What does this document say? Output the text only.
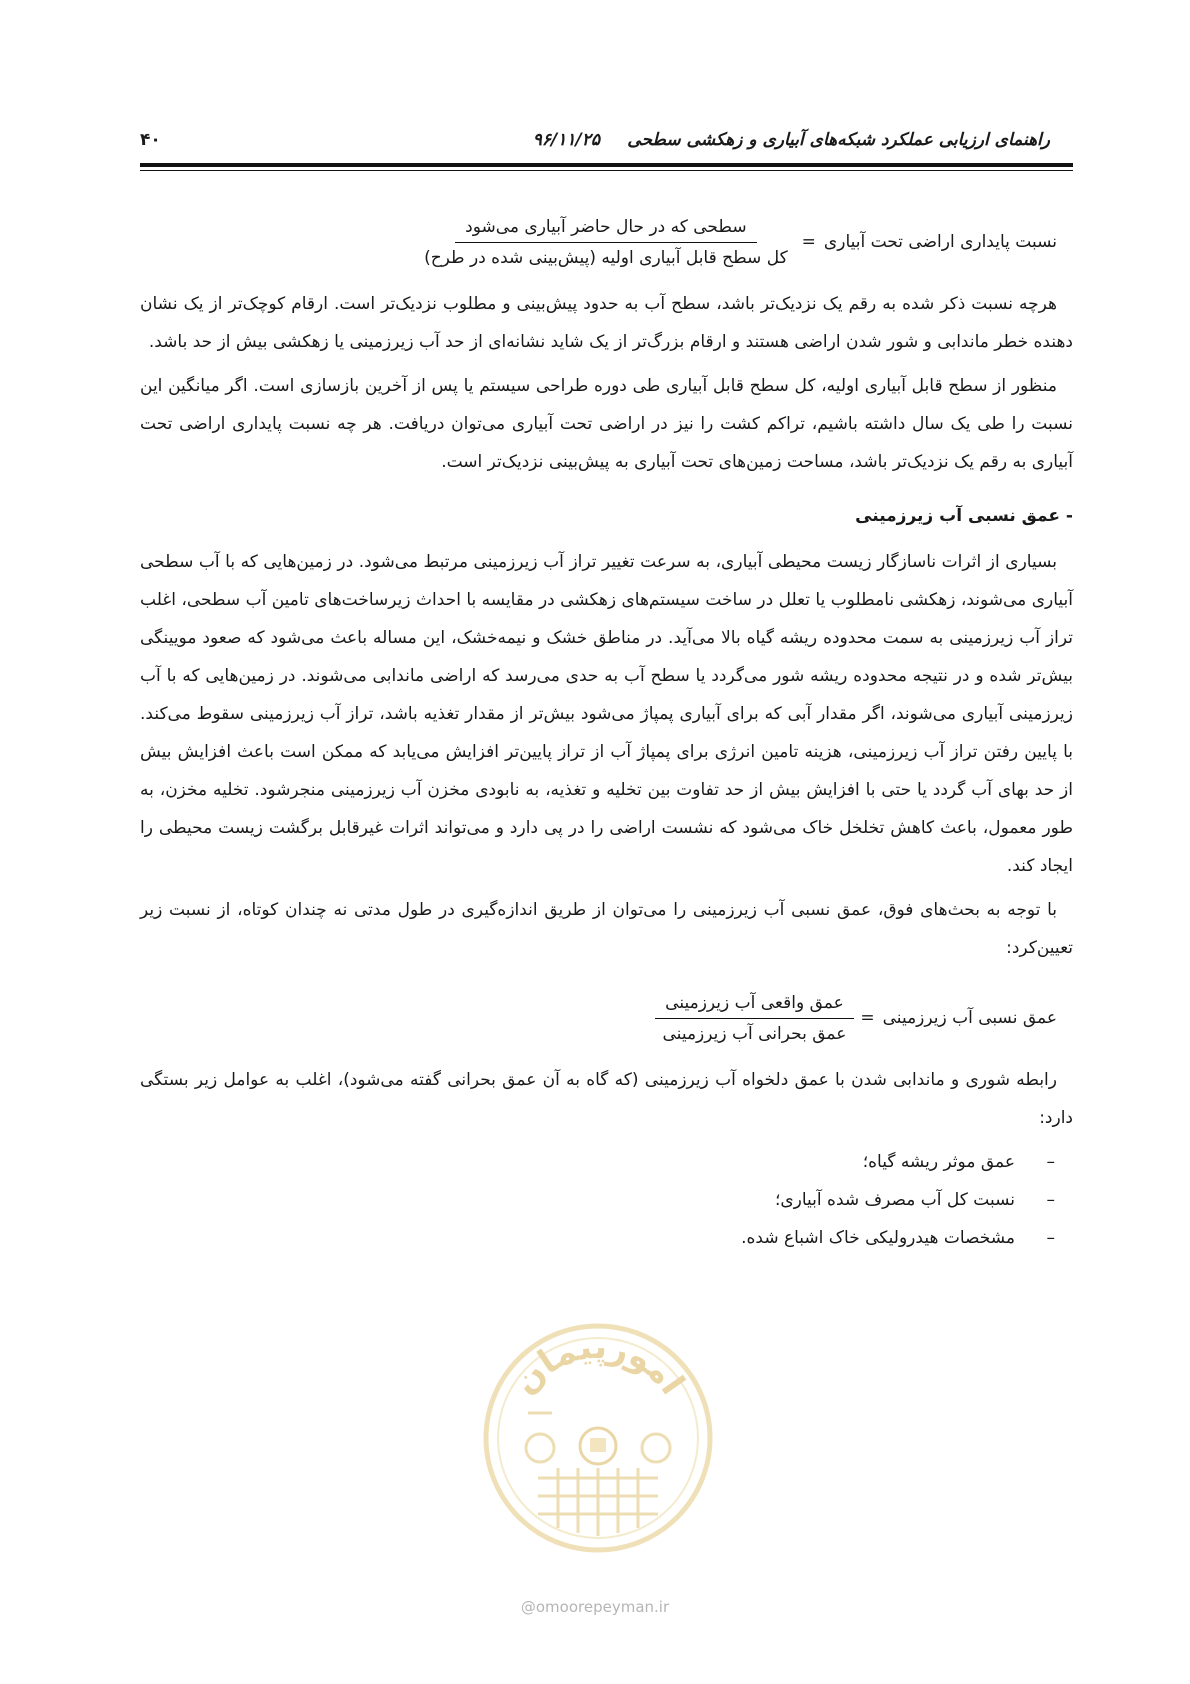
راهنمای ارزیابی عملکرد شبکه‌های آبیاری و زهکشی سطحی
۹۶/۱۱/۲۵
۴۰
نسبت پایداری اراضی تحت آبیاری
=
$\frac{\text{سطحی که در حال حاضر آبیاری می‌شود}}{\text{کل سطح قابل آبیاری اولیه (پیش‌بینی شده در طرح)}}$

هرچه نسبت ذکر شده به رقم یک نزدیک‌تر باشد، سطح آب به حدود پیش‌بینی و مطلوب نزدیک‌تر است. ارقام کوچک‌تر از یک نشان دهنده خطر ماندابی و شور شدن اراضی هستند و ارقام بزرگ‌تر از یک شاید نشانه‌ای از حد آب زیرزمینی یا زهکشی بیش از حد باشد.

منظور از سطح قابل آبیاری اولیه، کل سطح قابل آبیاری طی دوره طراحی سیستم یا پس از آخرین بازسازی است. اگر میانگین این نسبت را طی یک سال داشته باشیم، تراکم کشت را نیز در اراضی تحت آبیاری می‌توان دریافت. هر چه نسبت پایداری اراضی تحت آبیاری به رقم یک نزدیک‌تر باشد، مساحت زمین‌های تحت آبیاری به پیش‌بینی نزدیک‌تر است.

- عمق نسبی آب زیرزمینی

بسیاری از اثرات ناسازگار زیست محیطی آبیاری، به سرعت تغییر تراز آب زیرزمینی مرتبط می‌شود. در زمین‌هایی که با آب سطحی آبیاری می‌شوند، زهکشی نامطلوب یا تعلل در ساخت سیستم‌های زهکشی در مقایسه با احداث زیرساخت‌های تامین آب سطحی، اغلب تراز آب زیرزمینی به سمت محدوده ریشه گیاه بالا می‌آید. در مناطق خشک و نیمه‌خشک، این مساله باعث می‌شود که صعود مویینگی بیش‌تر شده و در نتیجه محدوده ریشه شور می‌گردد یا سطح آب به حدی می‌رسد که اراضی ماندابی می‌شوند. در زمین‌هایی که با آب زیرزمینی آبیاری می‌شوند، اگر مقدار آبی که برای آبیاری پمپاژ می‌شود بیش‌تر از مقدار تغذیه باشد، تراز آب زیرزمینی سقوط می‌کند. با پایین رفتن تراز آب زیرزمینی، هزینه تامین انرژی برای پمپاژ آب از تراز پایین‌تر افزایش می‌یابد که ممکن است باعث افزایش بیش از حد بهای آب گردد یا حتی با افزایش بیش از حد تفاوت بین تخلیه و تغذیه، به نابودی مخزن آب زیرزمینی منجرشود. تخلیه مخزن، به طور معمول، باعث کاهش تخلخل خاک می‌شود که نشست اراضی را در پی دارد و می‌تواند اثرات غیرقابل برگشت زیست محیطی را ایجاد کند.

با توجه به بحث‌های فوق، عمق نسبی آب زیرزمینی را می‌توان از طریق اندازه‌گیری در طول مدتی نه چندان کوتاه، از نسبت زیر تعیین‌کرد:

عمق نسبی آب زیرزمینی
=
$\frac{\text{عمق واقعی آب زیرزمینی}}{\text{عمق بحرانی آب زیرزمینی}}$

رابطه شوری و ماندابی شدن با عمق دلخواه آب زیرزمینی (که گاه به آن عمق بحرانی گفته می‌شود)، اغلب به عوامل زیر بستگی دارد:

–عمق موثر ریشه گیاه؛
–نسبت کل آب مصرف شده آبیاری؛
–مشخصات هیدرولیکی خاک اشباع شده.
امورپیمان
@omoorepeyman.ir
